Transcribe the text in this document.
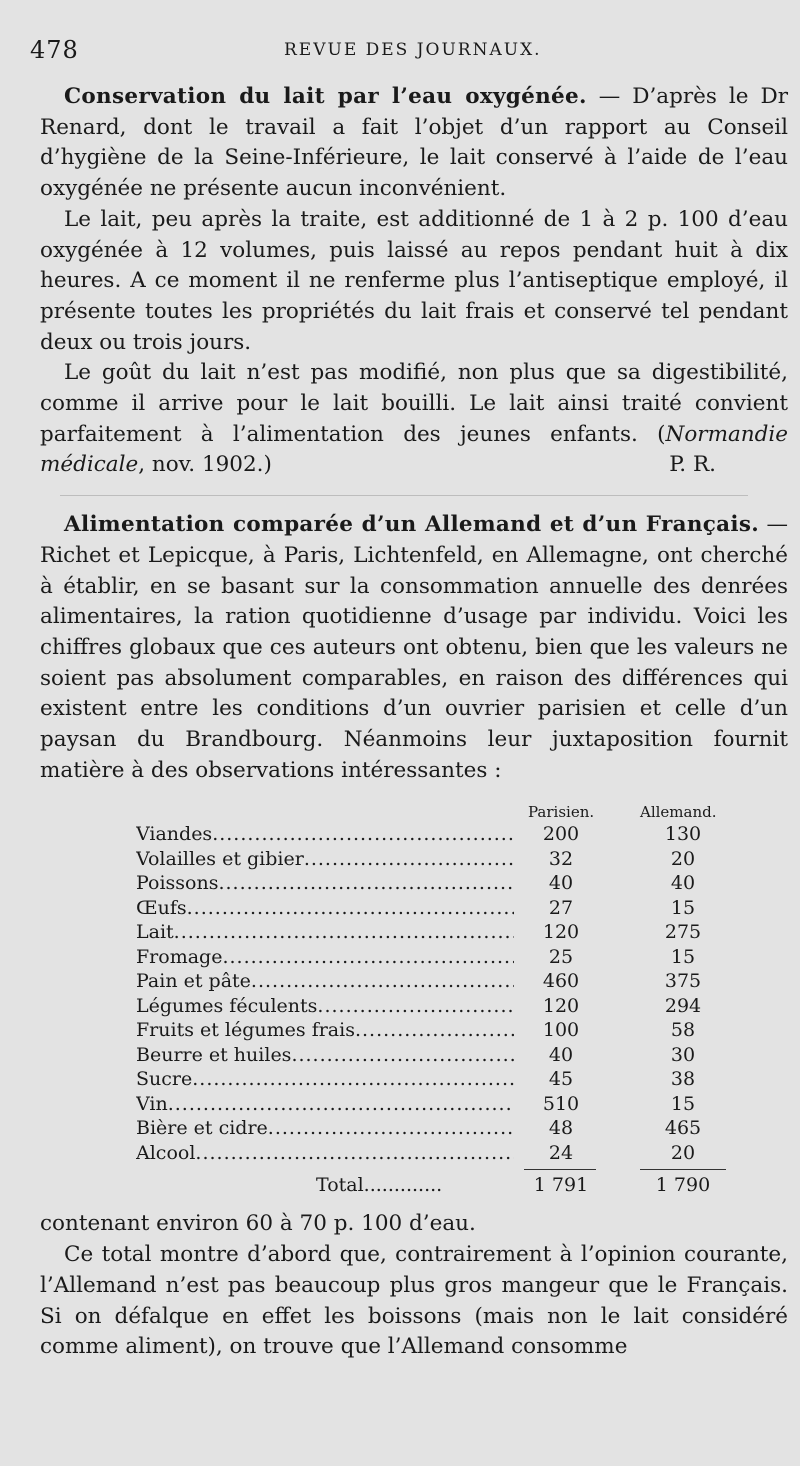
478	REVUE DES JOURNAUX.

Conservation du lait par l’eau oxygénée. — D’après le Dr Renard, dont le travail a fait l’objet d’un rapport au Conseil d’hygiène de la Seine-Inférieure, le lait conservé à l’aide de l’eau oxygénée ne présente aucun inconvénient.

Le lait, peu après la traite, est additionné de 1 à 2 p. 100 d’eau oxygénée à 12 volumes, puis laissé au repos pendant huit à dix heures. A ce moment il ne renferme plus l’antiseptique employé, il présente toutes les propriétés du lait frais et conservé tel pendant deux ou trois jours.

Le goût du lait n’est pas modifié, non plus que sa digestibilité, comme il arrive pour le lait bouilli. Le lait ainsi traité convient parfaitement à l’alimentation des jeunes enfants. (Normandie médicale, nov. 1902.)	P. R.

Alimentation comparée d’un Allemand et d’un Français. — Richet et Lepicque, à Paris, Lichtenfeld, en Allemagne, ont cherché à établir, en se basant sur la consommation annuelle des denrées alimentaires, la ration quotidienne d’usage par individu. Voici les chiffres globaux que ces auteurs ont obtenu, bien que les valeurs ne soient pas absolument comparables, en raison des différences qui existent entre les conditions d’un ouvrier parisien et celle d’un paysan du Brandbourg. Néanmoins leur juxtaposition fournit matière à des observations intéressantes :

Parisien.	Allemand.
Viandes .....	200	130
Volailles et gibier .....	32	20
Poissons .....	40	40
Œufs .....	27	15
Lait .....	120	275
Fromage .....	25	15
Pain et pâte .....	460	375
Légumes féculents .....	120	294
Fruits et légumes frais .....	100	58
Beurre et huiles .....	40	30
Sucre .....	45	38
Vin .....	510	15
Bière et cidre .....	48	465
Alcool .....	24	20
Total.............	1 791	1 790

contenant environ 60 à 70 p. 100 d’eau.

Ce total montre d’abord que, contrairement à l’opinion courante, l’Allemand n’est pas beaucoup plus gros mangeur que le Français. Si on défalque en effet les boissons (mais non le lait considéré comme aliment), on trouve que l’Allemand consomme
